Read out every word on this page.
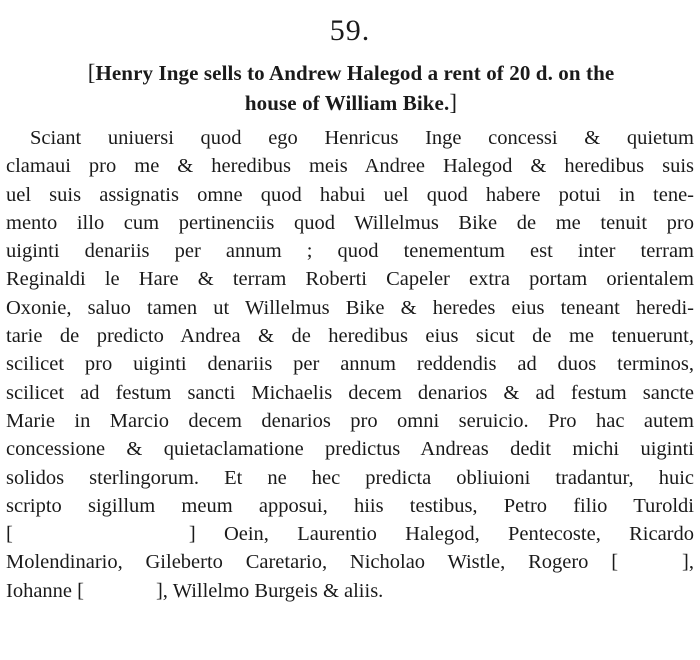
59.
[Henry Inge sells to Andrew Halegod a rent of 20 d. on the
house of William Bike.]
Sciant uniuersi quod ego Henricus Inge concessi & quietum
clamaui pro me & heredibus meis Andree Halegod & heredibus suis
uel suis assignatis omne quod habui uel quod habere potui in tene-
mento illo cum pertinenciis quod Willelmus Bike de me tenuit pro
uiginti denariis per annum ; quod tenementum est inter terram
Reginaldi le Hare & terram Roberti Capeler extra portam orientalem
Oxonie, saluo tamen ut Willelmus Bike & heredes eius teneant heredi-
tarie de predicto Andrea & de heredibus eius sicut de me tenuerunt,
scilicet pro uiginti denariis per annum reddendis ad duos terminos,
scilicet ad festum sancti Michaelis decem denarios & ad festum sancte
Marie in Marcio decem denarios pro omni seruicio. Pro hac autem
concessione & quietaclamatione predictus Andreas dedit michi uiginti
solidos sterlingorum. Et ne hec predicta obliuioni tradantur, huic
scripto sigillum meum apposui, hiis testibus, Petro filio Turoldi
[	] Oein, Laurentio Halegod, Pentecoste, Ricardo
Molendinario, Gileberto Caretario, Nicholao Wistle, Rogero [	],
Iohanne [	], Willelmo Burgeis & aliis.
